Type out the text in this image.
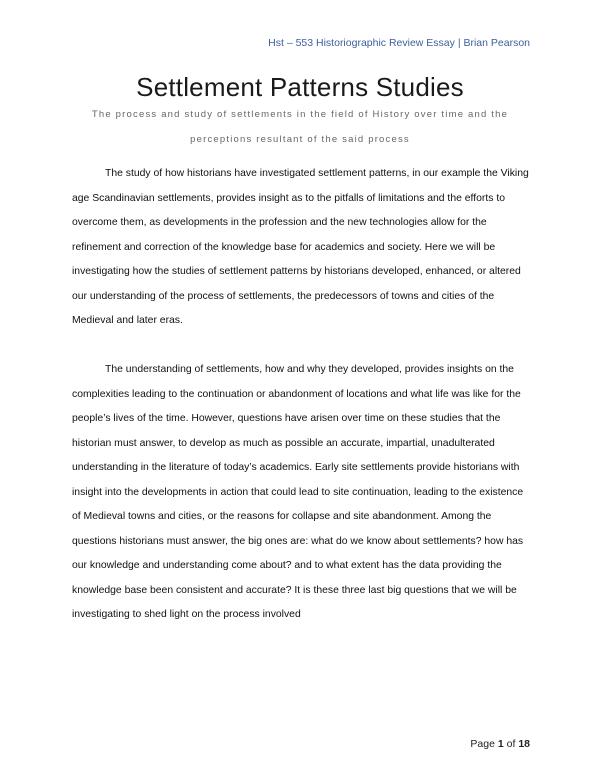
Hst – 553 Historiographic Review Essay | Brian Pearson
Settlement Patterns Studies
The process and study of settlements in the field of History over time and the perceptions resultant of the said process

The study of how historians have investigated settlement patterns, in our example the Viking age Scandinavian settlements, provides insight as to the pitfalls of limitations and the efforts to overcome them, as developments in the profession and the new technologies allow for the refinement and correction of the knowledge base for academics and society. Here we will be investigating how the studies of settlement patterns by historians developed, enhanced, or altered our understanding of the process of settlements, the predecessors of towns and cities of the Medieval and later eras.

The understanding of settlements, how and why they developed, provides insights on the complexities leading to the continuation or abandonment of locations and what life was like for the people’s lives of the time. However, questions have arisen over time on these studies that the historian must answer, to develop as much as possible an accurate, impartial, unadulterated understanding in the literature of today’s academics. Early site settlements provide historians with insight into the developments in action that could lead to site continuation, leading to the existence of Medieval towns and cities, or the reasons for collapse and site abandonment. Among the questions historians must answer, the big ones are: what do we know about settlements? how has our knowledge and understanding come about? and to what extent has the data providing the knowledge base been consistent and accurate? It is these three last big questions that we will be investigating to shed light on the process involved

Page 1 of 18
